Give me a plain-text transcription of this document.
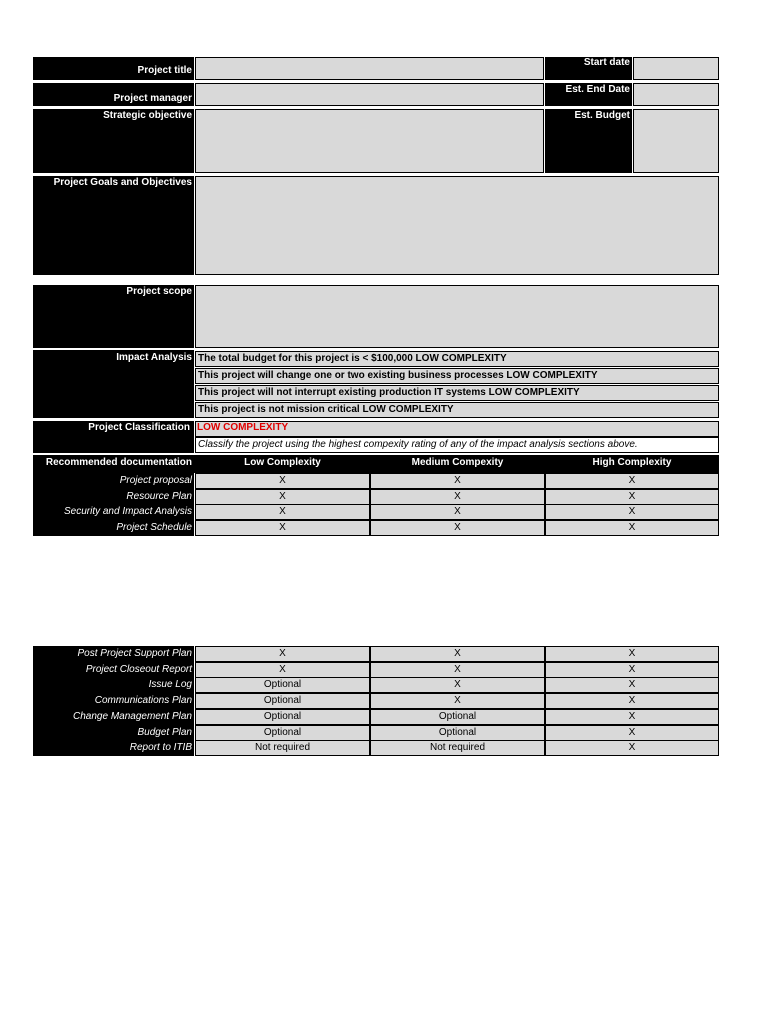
Project title
Start date
Project manager
Est. End Date
Strategic objective	Est. Budget
Project Goals and Objectives
Project scope
Impact Analysis The total budget for this project is < $100,000 LOW COMPLEXITY
This project will change one or two existing business processes LOW COMPLEXITY
This project will not interrupt existing production IT systems LOW COMPLEXITY
This project is not mission critical LOW COMPLEXITY
Project Classification LOW COMPLEXITY
Classify the project using the highest compexity rating of any of the impact analysis sections above.
Recommended documentation	Low Complexity	Medium Compexity	High Complexity
Project proposal	X	X	X
Resource Plan	X	X	X
Security and Impact Analysis	X	X	X
Project Schedule	X	X	X
Post Project Support Plan	X	X	X
Project Closeout Report	X	X	X
Issue Log	Optional	X	X
Communications Plan	Optional	X	X
Change Management Plan	Optional	Optional	X
Budget Plan	Optional	Optional	X
Report to ITIB	Not required	Not required	X
